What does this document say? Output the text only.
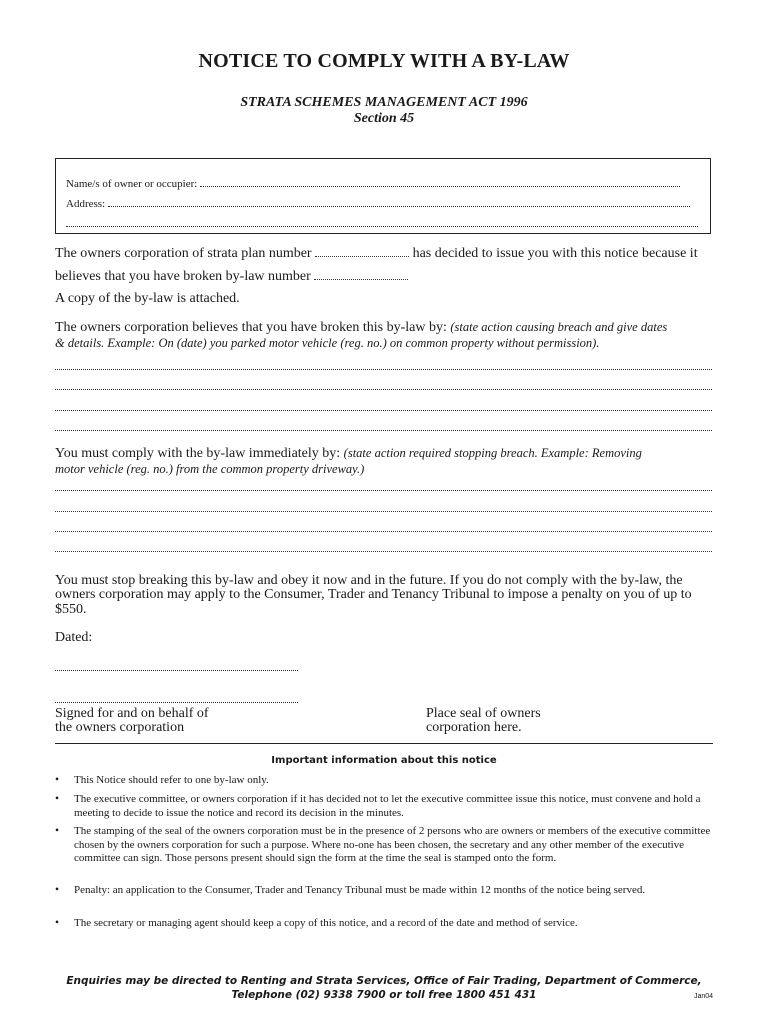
NOTICE TO COMPLY WITH A BY-LAW
STRATA SCHEMES MANAGEMENT ACT 1996
Section 45
Name/s of owner or occupier:
Address:
The owners corporation of strata plan number	has decided to issue you with this notice because it
believes that you have broken by-law number
A copy of the by-law is attached.
The owners corporation believes that you have broken this by-law by: (state action causing breach and give dates
& details. Example: On (date) you parked motor vehicle (reg. no.) on common property without permission).
You must comply with the by-law immediately by: (state action required stopping breach. Example: Removing
motor vehicle (reg. no.) from the common property driveway.)
You must stop breaking this by-law and obey it now and in the future. If you do not comply with the by-law, the
owners corporation may apply to the Consumer, Trader and Tenancy Tribunal to impose a penalty on you of up to
$550.
Dated:
Signed for and on behalf of
the owners corporation
Place seal of owners
corporation here.
Important information about this notice
• This Notice should refer to one by-law only.
• The executive committee, or owners corporation if it has decided not to let the executive committee issue this notice, must convene and hold a meeting to decide to issue the notice and record its decision in the minutes.
• The stamping of the seal of the owners corporation must be in the presence of 2 persons who are owners or members of the executive committee chosen by the owners corporation for such a purpose. Where no-one has been chosen, the secretary and any other member of the executive committee can sign. Those persons present should sign the form at the time the seal is stamped onto the form.
• Penalty: an application to the Consumer, Trader and Tenancy Tribunal must be made within 12 months of the notice being served.
• The secretary or managing agent should keep a copy of this notice, and a record of the date and method of service.
Enquiries may be directed to Renting and Strata Services, Office of Fair Trading, Department of Commerce,
Telephone (02) 9338 7900 or toll free 1800 451 431	Jan04
